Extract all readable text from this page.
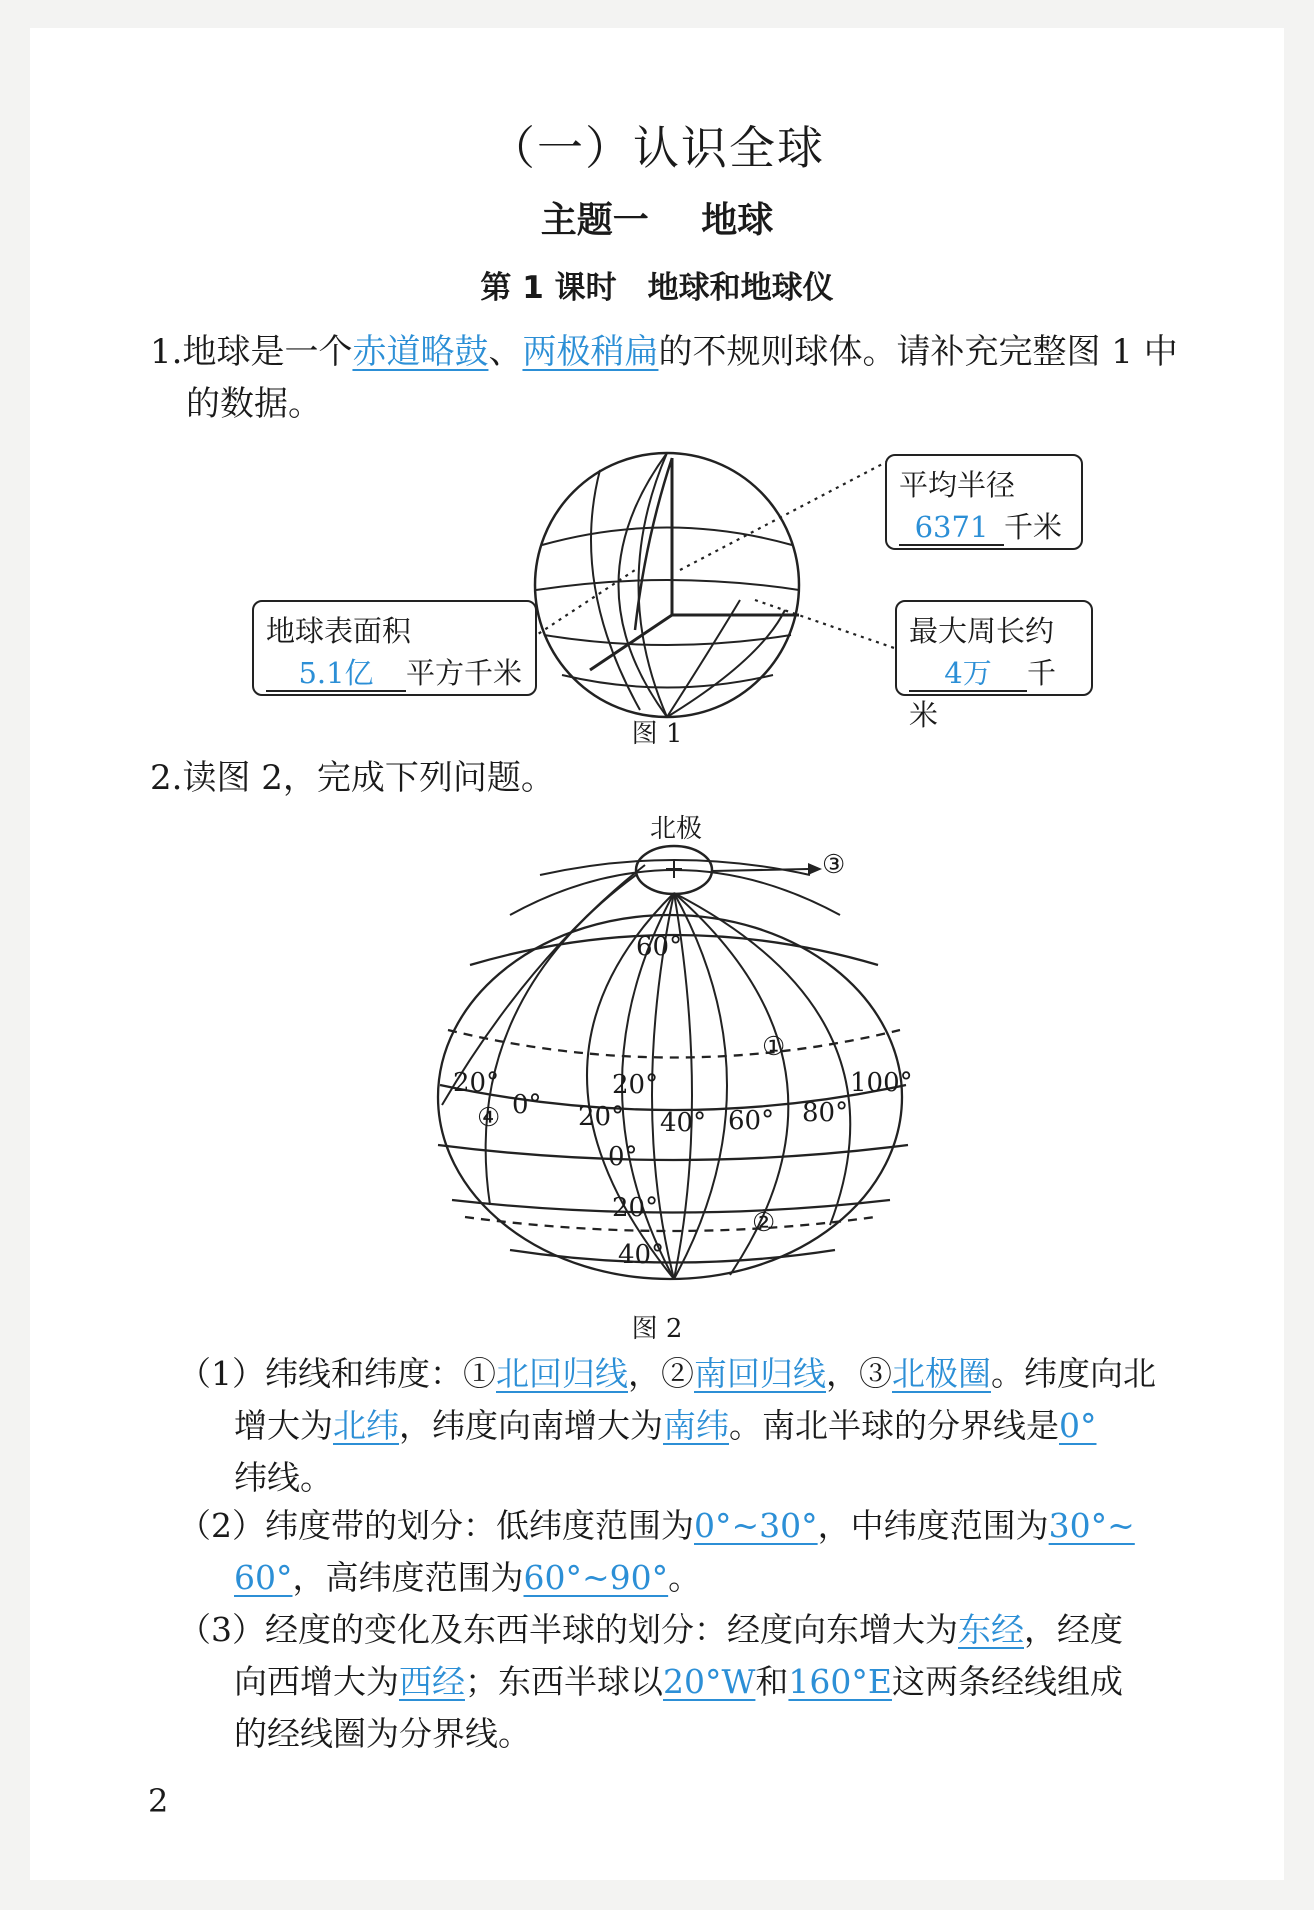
（一）认识全球
主题一 地球
第 1 课时　地球和地球仪
1.地球是一个赤道略鼓、两极稍扁的不规则球体。请补充完整图 1 中
的数据。
地球表面积
5.1亿 平方千米
平均半径
6371 千米
最大周长约
4万 千米
图 1
2.读图 2，完成下列问题。
北极
③
60°
①
20°	20°	100°
④ 0° 20° 40° 60° 80°
0°
20°	②
40°
图 2
（1）纬线和纬度：①北回归线，②南回归线，③北极圈。纬度向北
增大为北纬，纬度向南增大为南纬。南北半球的分界线是0°
纬线。
（2）纬度带的划分：低纬度范围为0°~30°，中纬度范围为30°~
60°，高纬度范围为60°~90°。
（3）经度的变化及东西半球的划分：经度向东增大为东经，经度
向西增大为西经；东西半球以20°W和160°E这两条经线组成
的经线圈为分界线。
2
